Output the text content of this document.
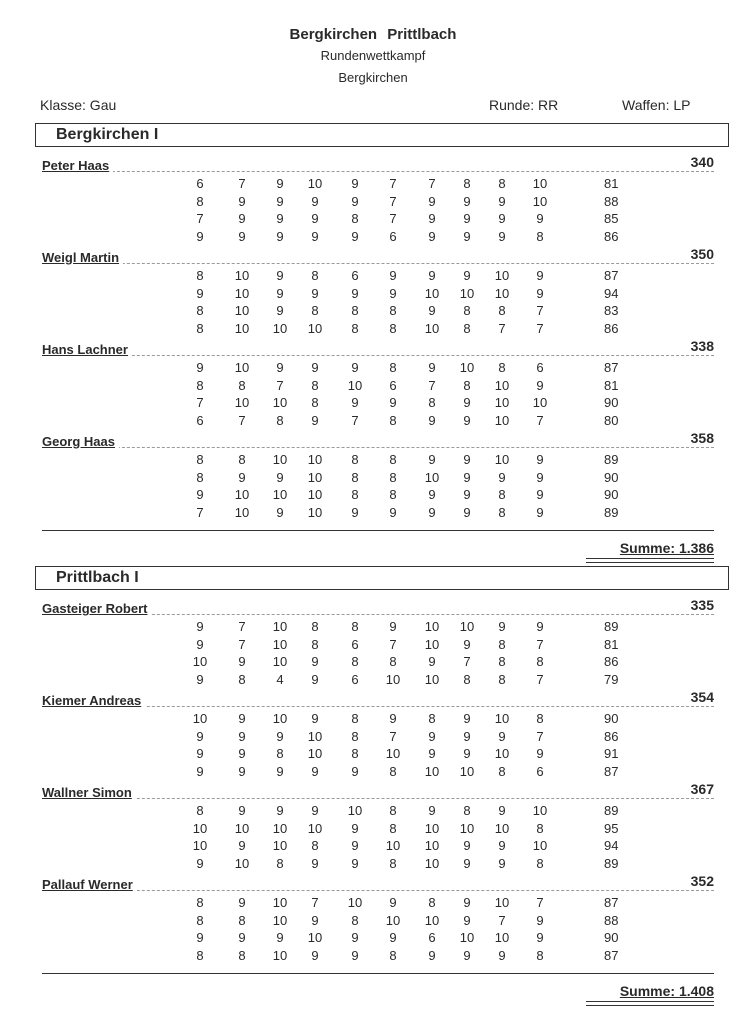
Bergkirchen Prittlbach
Rundenwettkampf
Bergkirchen
Klasse: Gau	Runde: RR	Waffen: LP
Bergkirchen I
Peter Haas	340
6	7	9	10	9	7	7	8	8	10	81
8	9	9	9	9	7	9	9	9	10	88
7	9	9	9	8	7	9	9	9	9	85
9	9	9	9	9	6	9	9	9	8	86
Weigl Martin	350
8	10	9	8	6	9	9	9	10	9	87
9	10	9	9	9	9	10	10	10	9	94
8	10	9	8	8	8	9	8	8	7	83
8	10	10	10	8	8	10	8	7	7	86
Hans Lachner	338
9	10	9	9	9	8	9	10	8	6	87
8	8	7	8	10	6	7	8	10	9	81
7	10	10	8	9	9	8	9	10	10	90
6	7	8	9	7	8	9	9	10	7	80
Georg Haas	358
8	8	10	10	8	8	9	9	10	9	89
8	9	9	10	8	8	10	9	9	9	90
9	10	10	10	8	8	9	9	8	9	90
7	10	9	10	9	9	9	9	8	9	89
Summe: 1.386
Prittlbach I
Gasteiger Robert	335
9	7	10	8	8	9	10	10	9	9	89
9	7	10	8	6	7	10	9	8	7	81
10	9	10	9	8	8	9	7	8	8	86
9	8	4	9	6	10	10	8	8	7	79
Kiemer Andreas	354
10	9	10	9	8	9	8	9	10	8	90
9	9	9	10	8	7	9	9	9	7	86
9	9	8	10	8	10	9	9	10	9	91
9	9	9	9	9	8	10	10	8	6	87
Wallner Simon	367
8	9	9	9	10	8	9	8	9	10	89
10	10	10	10	9	8	10	10	10	8	95
10	9	10	8	9	10	10	9	9	10	94
9	10	8	9	9	8	10	9	9	8	89
Pallauf Werner	352
8	9	10	7	10	9	8	9	10	7	87
8	8	10	9	8	10	10	9	7	9	88
9	9	9	10	9	9	6	10	10	9	90
8	8	10	9	9	8	9	9	9	8	87
Summe: 1.408
